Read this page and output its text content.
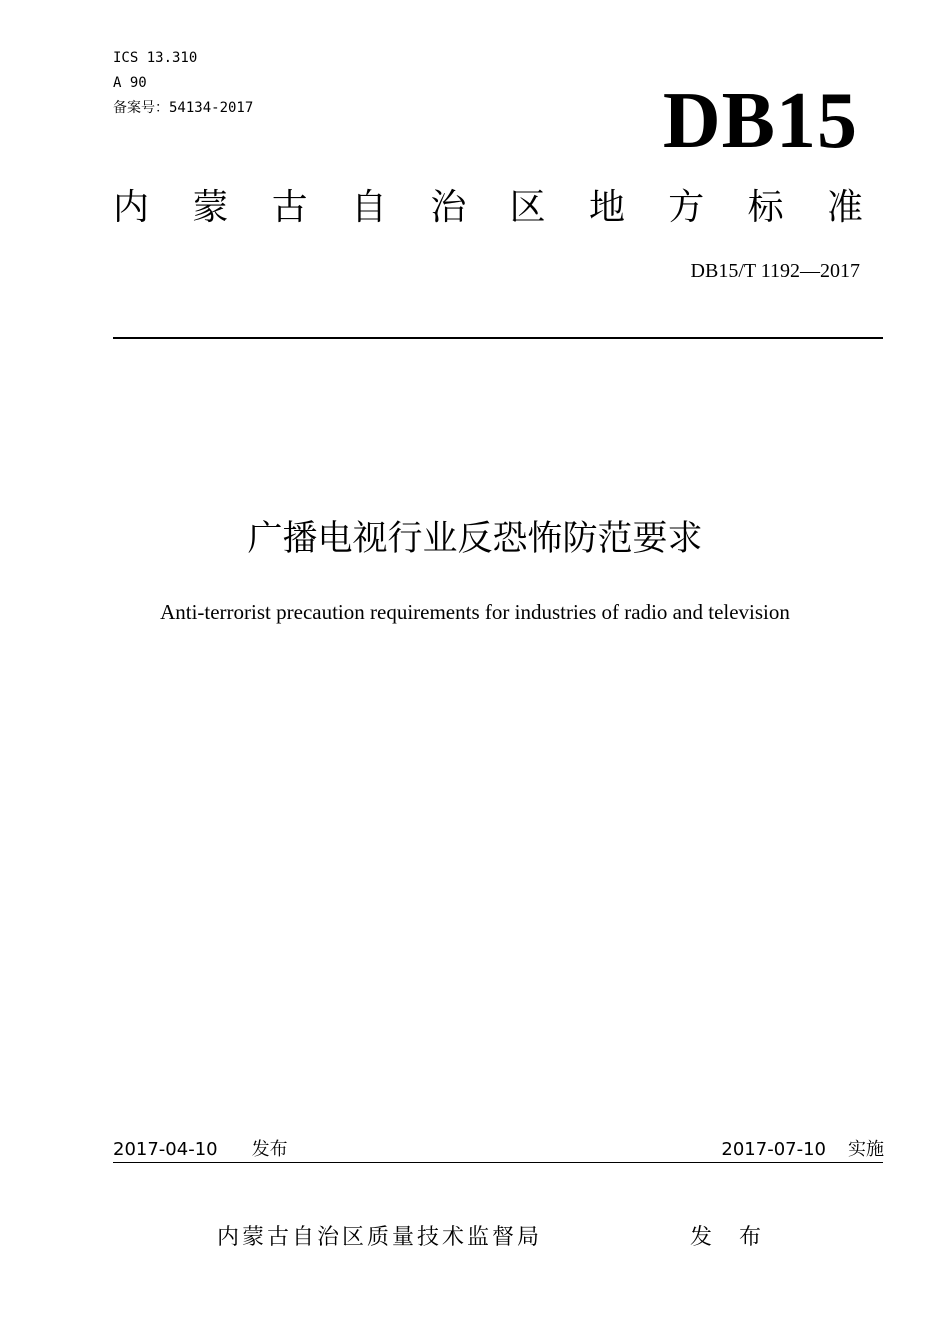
ICS 13.310
A 90
备案号：54134-2017	DB15
内 蒙 古 自 治 区 地 方 标 准
DB15/T 1192—2017
广播电视行业反恐怖防范要求
Anti-terrorist precaution requirements for industries of radio and television
2017-04-10 发布	2017-07-10 实施
内蒙古自治区质量技术监督局	发 布
